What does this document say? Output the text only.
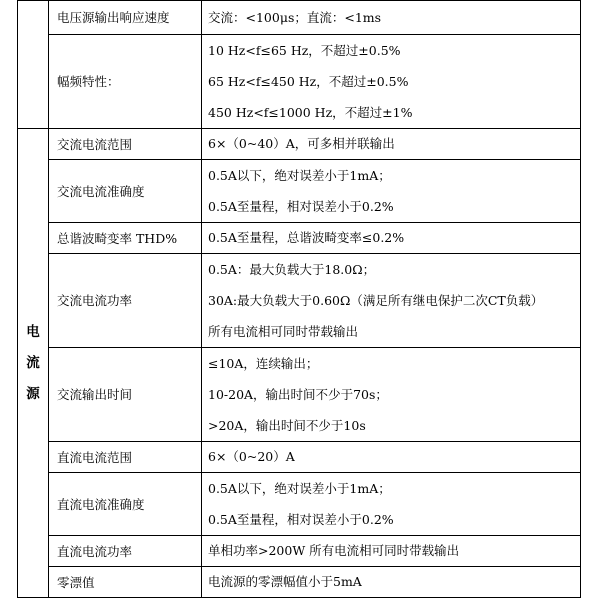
	电压源输出响应速度	交流：<100μs；直流：<1ms

	幅频特性：	10 Hz<f≤65 Hz，不超过±0.5%
65 Hz<f≤450 Hz，不超过±0.5%
450 Hz<f≤1000 Hz，不超过±1%

电
流
源	交流电流范围	6×（0~40）A，可多相并联输出

	交流电流准确度	0.5A以下，绝对误差小于1mA；
0.5A至量程，相对误差小于0.2%

	总谐波畸变率 THD%	0.5A至量程，总谐波畸变率≤0.2%

	交流电流功率	0.5A：最大负载大于18.0Ω；
30A:最大负载大于0.60Ω（满足所有继电保护二次CT负载）
所有电流相可同时带载输出

	交流输出时间	≤10A，连续输出；
10-20A，输出时间不少于70s；
>20A，输出时间不少于10s

	直流电流范围	6×（0~20）A

	直流电流准确度	0.5A以下，绝对误差小于1mA；
0.5A至量程，相对误差小于0.2%

	直流电流功率	单相功率>200W 所有电流相可同时带载输出

	零漂值	电流源的零漂幅值小于5mA
